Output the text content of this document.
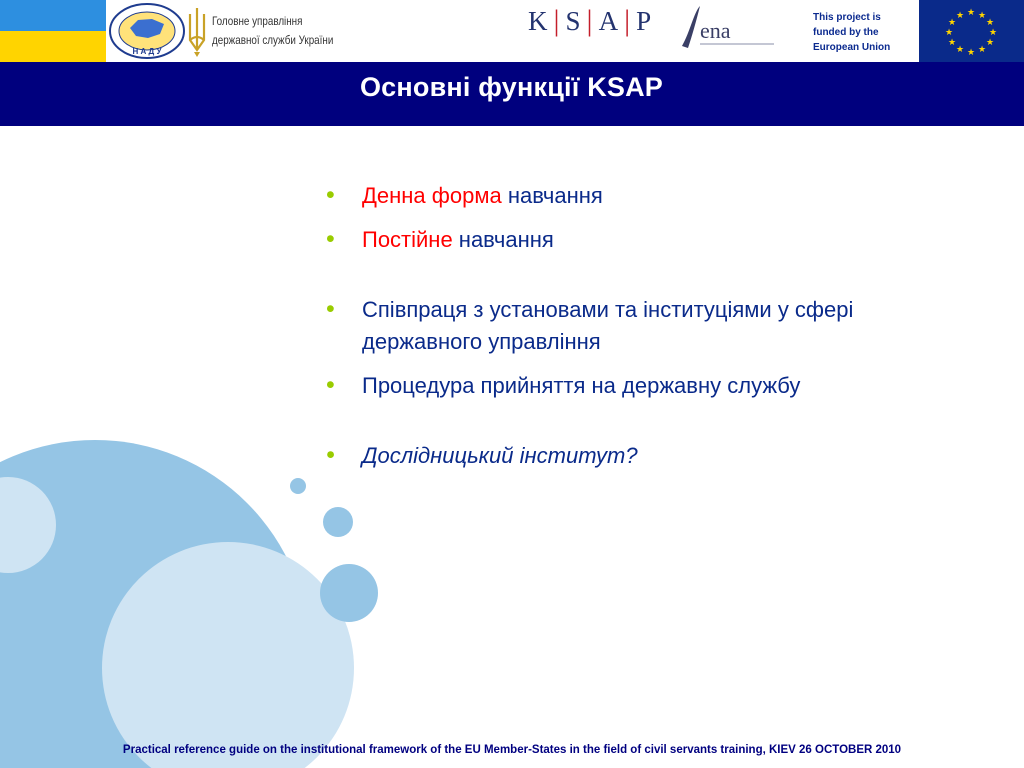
Н А Д У
Головне управління
державної служби України
K | S | A | P ena
This project is funded by the European Union
★ ★
★
★
★
★
★
★
★
★
★
★
Основні функції KSAP
• Денна форма навчання
• Постійне навчання
• Співпраця з установами та інституціями у сфері державного управління
• Процедура прийняття на державну службу
• Дослідницький інститут?
Practical reference guide on the institutional framework of the EU Member-States in the field of civil servants training, KIEV 26 OCTOBER 2010
